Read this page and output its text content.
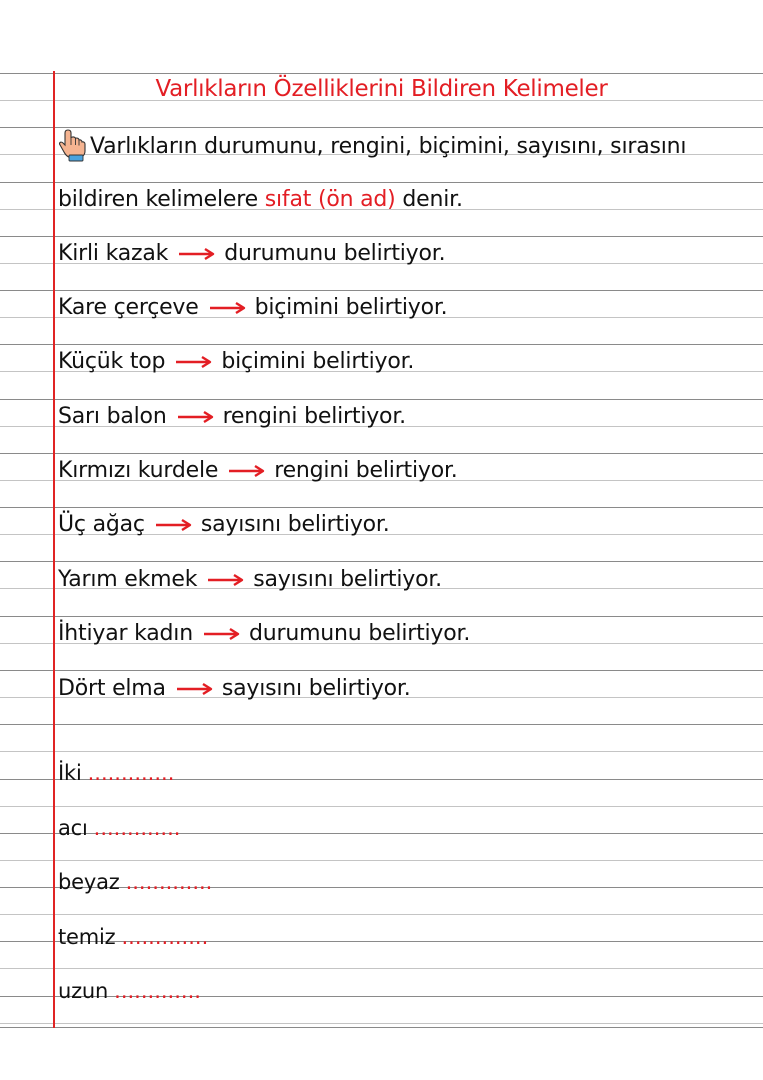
Varlıkların Özelliklerini Bildiren Kelimeler
Varlıkların durumunu, rengini, biçimini, sayısını, sırasını
bildiren kelimelere sıfat (ön ad) denir.
Kirli kazak	durumunu belirtiyor.
Kare çerçeve	biçimini belirtiyor.
Küçük top	biçimini belirtiyor.
Sarı balon	rengini belirtiyor.
Kırmızı kurdele	rengini belirtiyor.
Üç ağaç	sayısını belirtiyor.
Yarım ekmek	sayısını belirtiyor.
İhtiyar kadın	durumunu belirtiyor.
Dört elma	sayısını belirtiyor.
İki .............
acı .............
beyaz .............
temiz .............
uzun .............
